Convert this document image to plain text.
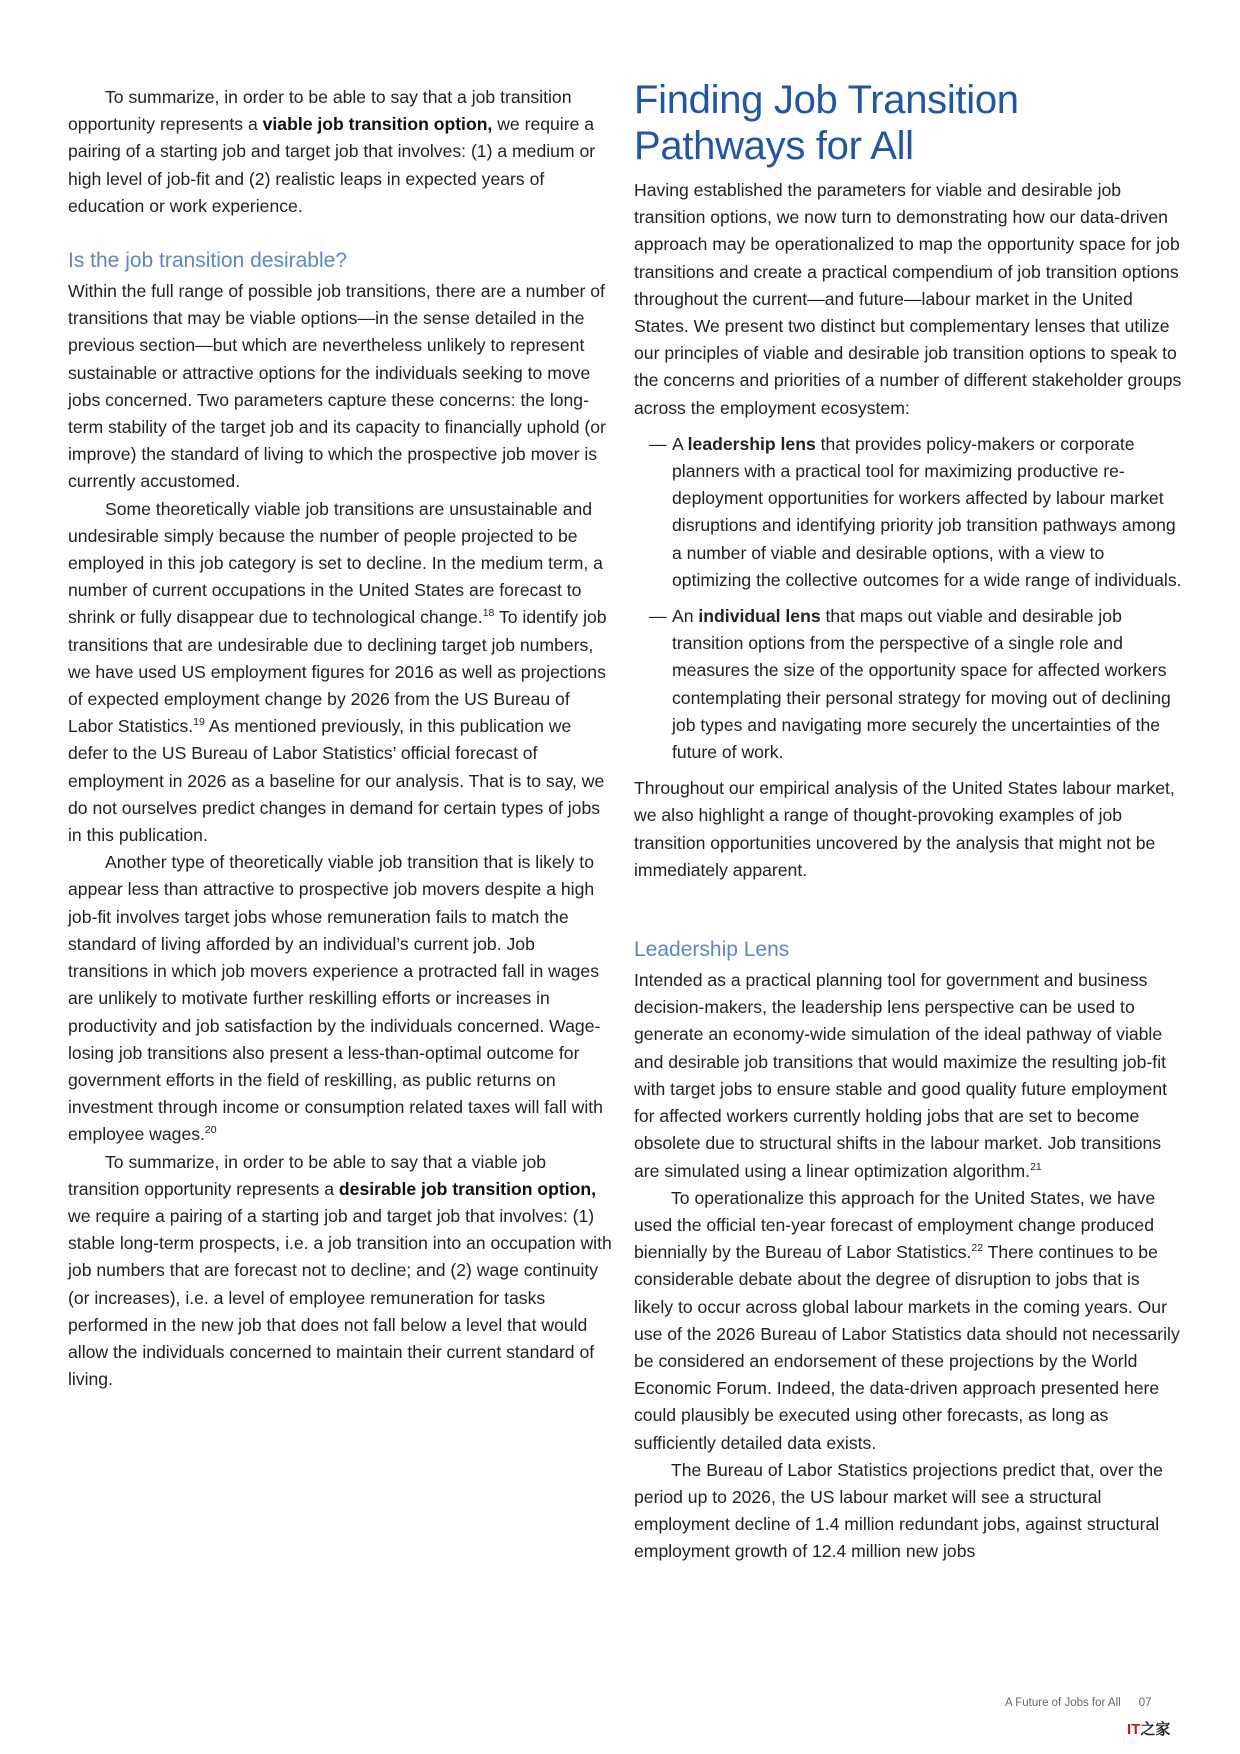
To summarize, in order to be able to say that a job transition opportunity represents a viable job transition option, we require a pairing of a starting job and target job that involves: (1) a medium or high level of job-fit and (2) realistic leaps in expected years of education or work experience.

Is the job transition desirable?

Within the full range of possible job transitions, there are a number of transitions that may be viable options—in the sense detailed in the previous section—but which are nevertheless unlikely to represent sustainable or attractive options for the individuals seeking to move jobs concerned. Two parameters capture these concerns: the long-term stability of the target job and its capacity to financially uphold (or improve) the standard of living to which the prospective job mover is currently accustomed.

Some theoretically viable job transitions are unsustainable and undesirable simply because the number of people projected to be employed in this job category is set to decline. In the medium term, a number of current occupations in the United States are forecast to shrink or fully disappear due to technological change.$^{18}$ To identify job transitions that are undesirable due to declining target job numbers, we have used US employment figures for 2016 as well as projections of expected employment change by 2026 from the US Bureau of Labor Statistics.$^{19}$ As mentioned previously, in this publication we defer to the US Bureau of Labor Statistics’ official forecast of employment in 2026 as a baseline for our analysis. That is to say, we do not ourselves predict changes in demand for certain types of jobs in this publication.

Another type of theoretically viable job transition that is likely to appear less than attractive to prospective job movers despite a high job-fit involves target jobs whose remuneration fails to match the standard of living afforded by an individual’s current job. Job transitions in which job movers experience a protracted fall in wages are unlikely to motivate further reskilling efforts or increases in productivity and job satisfaction by the individuals concerned. Wage-losing job transitions also present a less-than-optimal outcome for government efforts in the field of reskilling, as public returns on investment through income or consumption related taxes will fall with employee wages.$^{20}$

To summarize, in order to be able to say that a viable job transition opportunity represents a desirable job transition option, we require a pairing of a starting job and target job that involves: (1) stable long-term prospects, i.e. a job transition into an occupation with job numbers that are forecast not to decline; and (2) wage continuity (or increases), i.e. a level of employee remuneration for tasks performed in the new job that does not fall below a level that would allow the individuals concerned to maintain their current standard of living.

Finding Job Transition
Pathways for All

Having established the parameters for viable and desirable job transition options, we now turn to demonstrating how our data-driven approach may be operationalized to map the opportunity space for job transitions and create a practical compendium of job transition options throughout the current—and future—labour market in the United States. We present two distinct but complementary lenses that utilize our principles of viable and desirable job transition options to speak to the concerns and priorities of a number of different stakeholder groups across the employment ecosystem:

— A leadership lens that provides policy-makers or corporate planners with a practical tool for maximizing productive re-deployment opportunities for workers affected by labour market disruptions and identifying priority job transition pathways among a number of viable and desirable options, with a view to optimizing the collective outcomes for a wide range of individuals.
— An individual lens that maps out viable and desirable job transition options from the perspective of a single role and measures the size of the opportunity space for affected workers contemplating their personal strategy for moving out of declining job types and navigating more securely the uncertainties of the future of work.

Throughout our empirical analysis of the United States labour market, we also highlight a range of thought-provoking examples of job transition opportunities uncovered by the analysis that might not be immediately apparent.

Leadership Lens

Intended as a practical planning tool for government and business decision-makers, the leadership lens perspective can be used to generate an economy-wide simulation of the ideal pathway of viable and desirable job transitions that would maximize the resulting job-fit with target jobs to ensure stable and good quality future employment for affected workers currently holding jobs that are set to become obsolete due to structural shifts in the labour market. Job transitions are simulated using a linear optimization algorithm.$^{21}$

To operationalize this approach for the United States, we have used the official ten-year forecast of employment change produced biennially by the Bureau of Labor Statistics.$^{22}$ There continues to be considerable debate about the degree of disruption to jobs that is likely to occur across global labour markets in the coming years. Our use of the 2026 Bureau of Labor Statistics data should not necessarily be considered an endorsement of these projections by the World Economic Forum. Indeed, the data-driven approach presented here could plausibly be executed using other forecasts, as long as sufficiently detailed data exists.

The Bureau of Labor Statistics projections predict that, over the period up to 2026, the US labour market will see a structural employment decline of 1.4 million redundant jobs, against structural employment growth of 12.4 million new jobs

A Future of Jobs for All 07
IT之家
